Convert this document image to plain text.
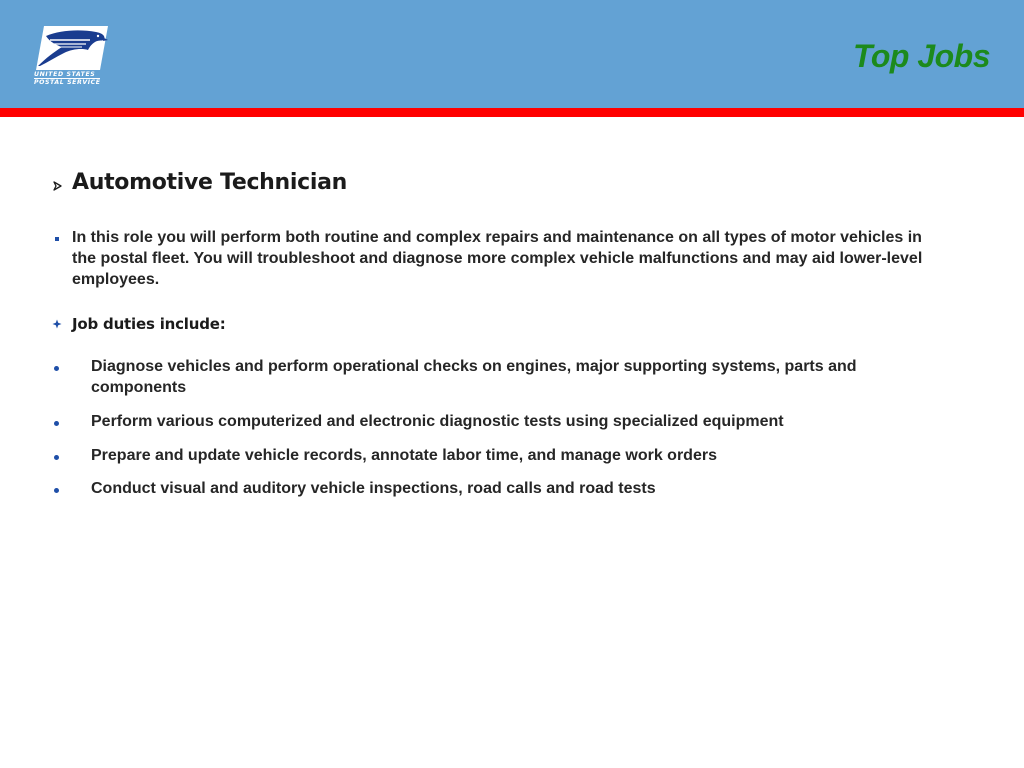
UNITED STATES
POSTAL SERVICE
Top Jobs
Automotive Technician
In this role you will perform both routine and complex repairs and maintenance on all types of motor vehicles in the postal fleet. You will troubleshoot and diagnose more complex vehicle malfunctions and may aid lower-level employees.
Job duties include:
Diagnose vehicles and perform operational checks on engines, major supporting systems, parts and components
Perform various computerized and electronic diagnostic tests using specialized equipment
Prepare and update vehicle records, annotate labor time, and manage work orders
Conduct visual and auditory vehicle inspections, road calls and road tests
